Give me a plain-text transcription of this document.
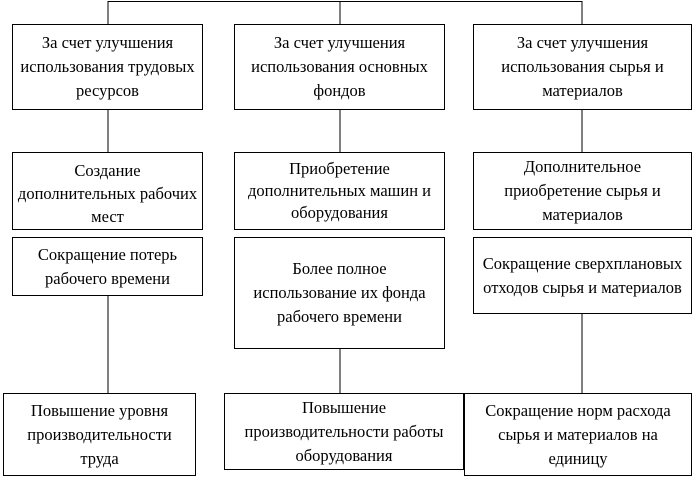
За счет улучшения использования трудовых ресурсов
Создание дополнительных рабочих мест
Сокращение потерь рабочего времени
Повышение уровня производительности труда
За счет улучшения использования основных фондов
Приобретение дополнительных машин и оборудования
Более полное использование их фонда рабочего времени
Повышение производительности работы оборудования
За счет улучшения использования сырья и материалов
Дополнительное приобретение сырья и материалов
Сокращение сверхплановых отходов сырья и материалов
Сокращение норм расхода сырья и материалов на единицу
